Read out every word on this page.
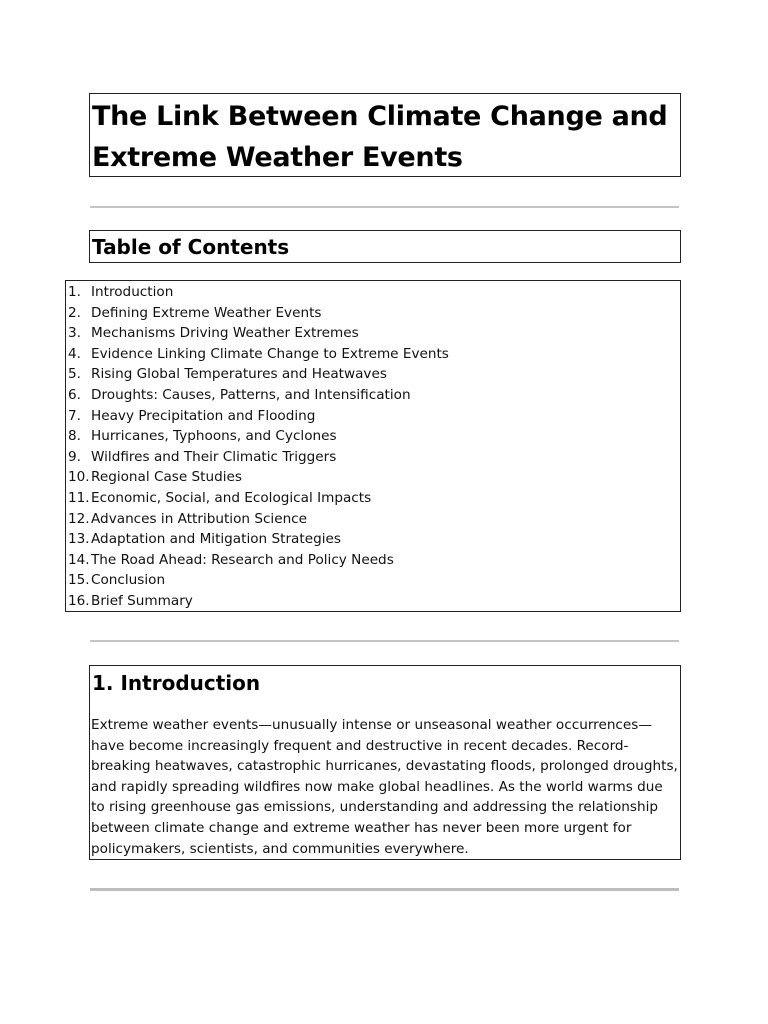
The Link Between Climate Change and Extreme Weather Events
Table of Contents
1. Introduction
2. Defining Extreme Weather Events
3. Mechanisms Driving Weather Extremes
4. Evidence Linking Climate Change to Extreme Events
5. Rising Global Temperatures and Heatwaves
6. Droughts: Causes, Patterns, and Intensification
7. Heavy Precipitation and Flooding
8. Hurricanes, Typhoons, and Cyclones
9. Wildfires and Their Climatic Triggers
10.Regional Case Studies
11.Economic, Social, and Ecological Impacts
12.Advances in Attribution Science
13.Adaptation and Mitigation Strategies
14.The Road Ahead: Research and Policy Needs
15.Conclusion
16.Brief Summary
1. Introduction

Extreme weather events—unusually intense or unseasonal weather occurrences—have become increasingly frequent and destructive in recent decades. Record-breaking heatwaves, catastrophic hurricanes, devastating floods, prolonged droughts, and rapidly spreading wildfires now make global headlines. As the world warms due to rising greenhouse gas emissions, understanding and addressing the relationship between climate change and extreme weather has never been more urgent for policymakers, scientists, and communities everywhere.
